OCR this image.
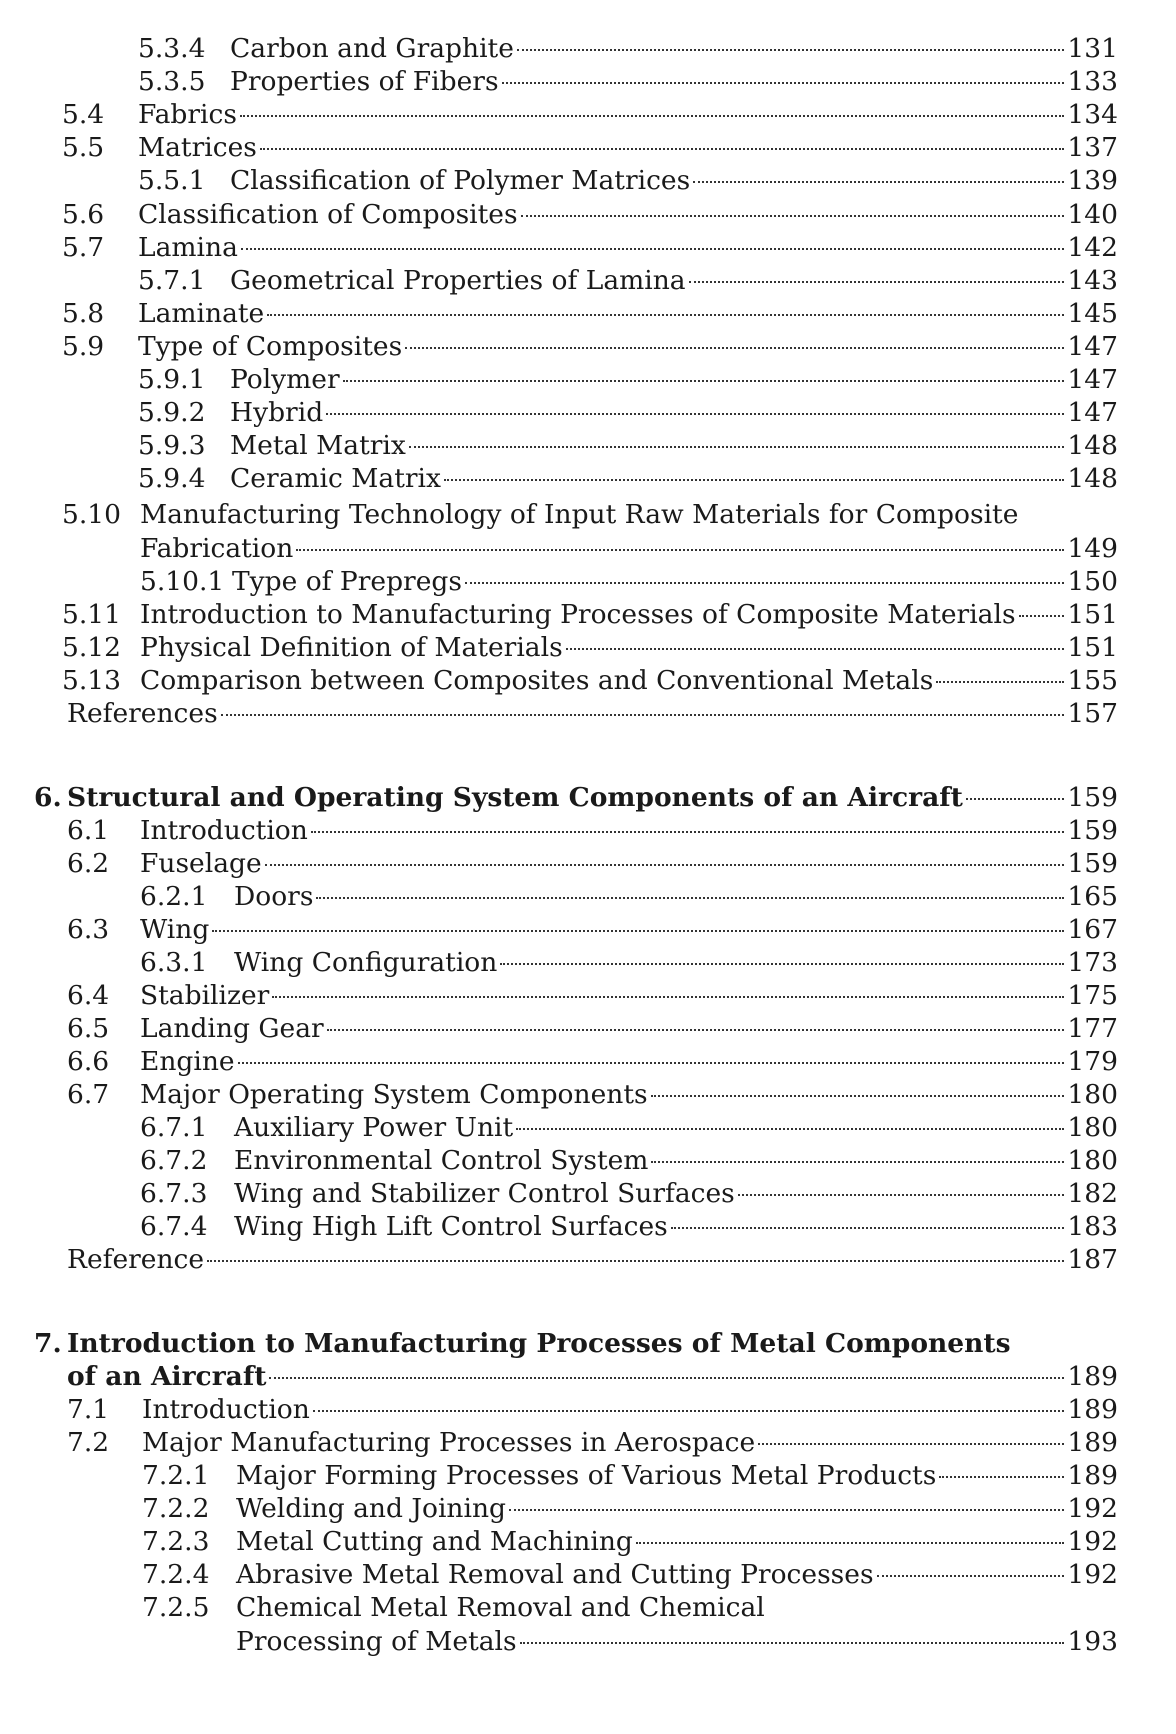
5.3.4 Carbon and Graphite	131
5.3.5 Properties of Fibers	133
5.4	Fabrics	134
5.5	Matrices	137
5.5.1 Classification of Polymer Matrices	139
5.6	Classification of Composites	140
5.7	Lamina	142
5.7.1 Geometrical Properties of Lamina	143
5.8	Laminate	145
5.9	Type of Composites	147
5.9.1 Polymer	147
5.9.2 Hybrid	147
5.9.3 Metal Matrix	148
5.9.4 Ceramic Matrix	148
5.10 Manufacturing Technology of Input Raw Materials for Composite
Fabrication	149
5.10.1 Type of Prepregs	150
5.11 Introduction to Manufacturing Processes of Composite Materials 151
5.12 Physical Definition of Materials	151
5.13 Comparison between Composites and Conventional Metals	155
References	157
6. Structural and Operating System Components of an Aircraft	159
6.1	Introduction	159
6.2	Fuselage	159
6.2.1	Doors	165
6.3	Wing	167
6.3.1	Wing Configuration	173
6.4	Stabilizer	175
6.5	Landing Gear	177
6.6	Engine	179
6.7	Major Operating System Components	180
6.7.1	Auxiliary Power Unit	180
6.7.2	Environmental Control System	180
6.7.3	Wing and Stabilizer Control Surfaces	182
6.7.4	Wing High Lift Control Surfaces	183
Reference	187
7. Introduction to Manufacturing Processes of Metal Components
of an Aircraft	189
7.1	Introduction	189
7.2	Major Manufacturing Processes in Aerospace	189
7.2.1	Major Forming Processes of Various Metal Products	189
7.2.2	Welding and Joining	192
7.2.3	Metal Cutting and Machining	192
7.2.4	Abrasive Metal Removal and Cutting Processes	192
7.2.5	Chemical Metal Removal and Chemical
Processing of Metals	193
